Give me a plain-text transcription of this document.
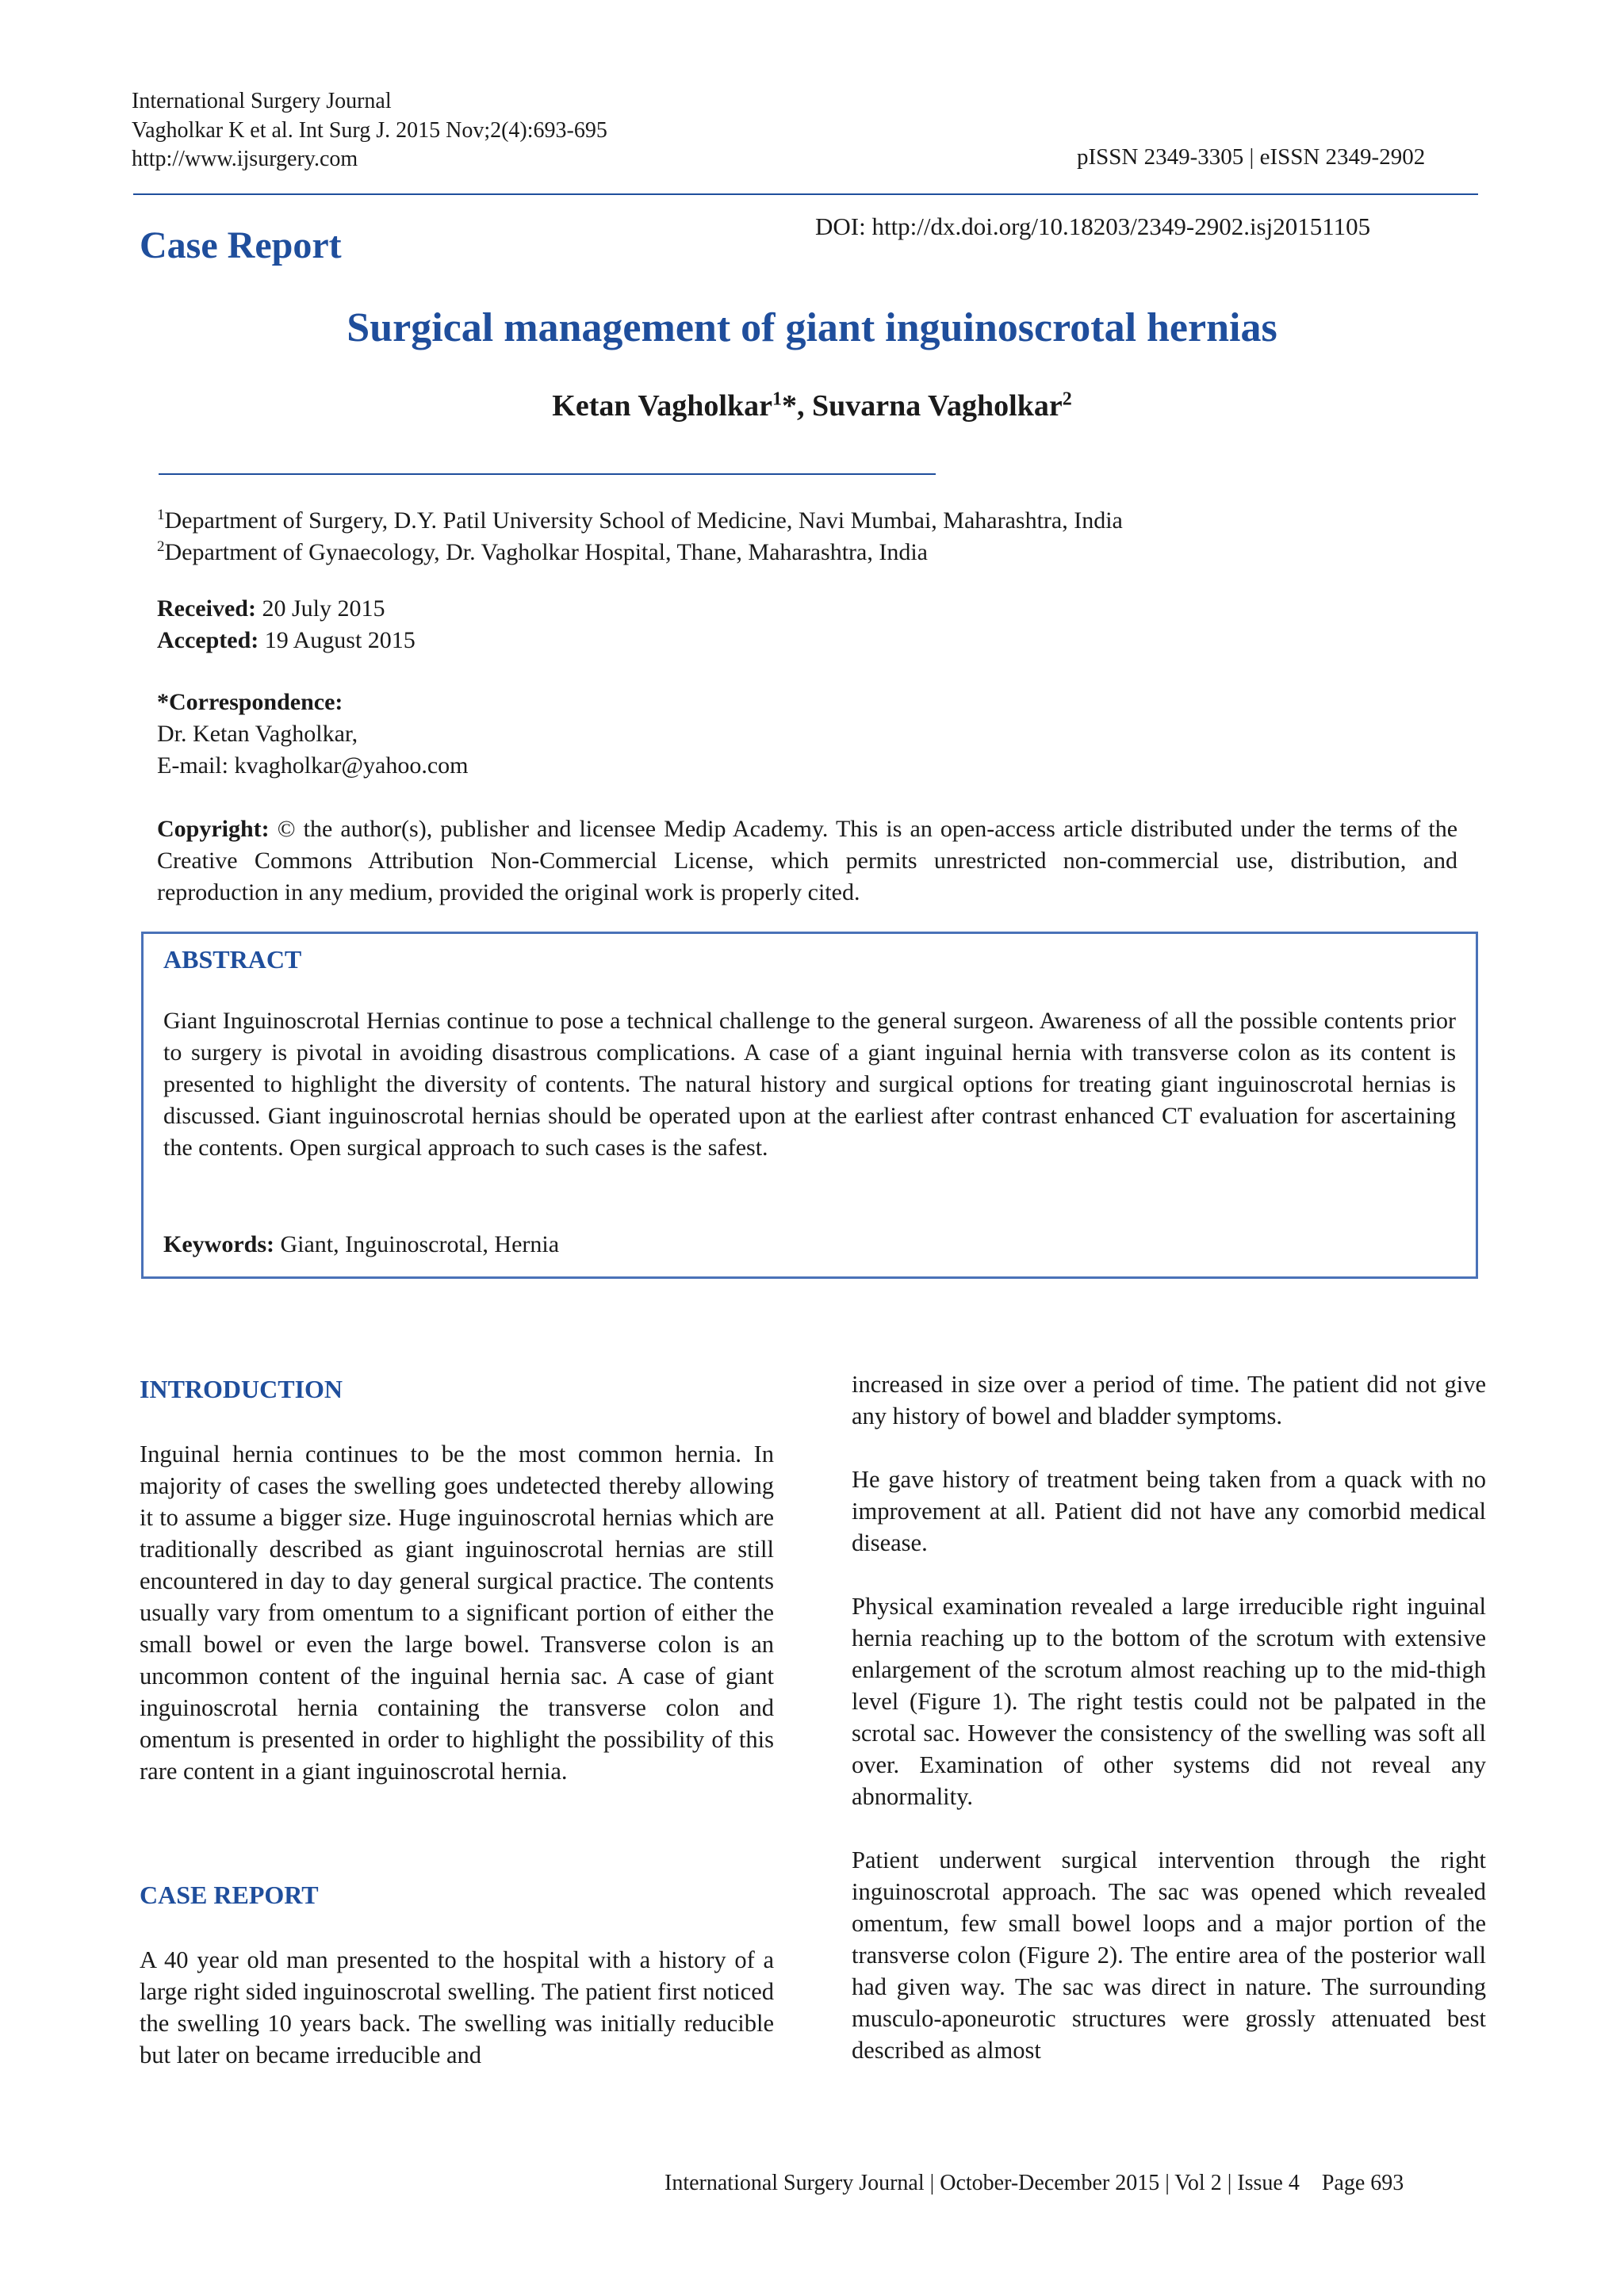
International Surgery Journal
Vagholkar K et al. Int Surg J. 2015 Nov;2(4):693-695
http://www.ijsurgery.com	pISSN 2349-3305 | eISSN 2349-2902
Case Report	DOI: http://dx.doi.org/10.18203/2349-2902.isj20151105
Surgical management of giant inguinoscrotal hernias
Ketan Vagholkar$^1$*, Suvarna Vagholkar$^2$
$^1$Department of Surgery, D.Y. Patil University School of Medicine, Navi Mumbai, Maharashtra, India
$^2$Department of Gynaecology, Dr. Vagholkar Hospital, Thane, Maharashtra, India
Received: 20 July 2015
Accepted: 19 August 2015
*Correspondence:
Dr. Ketan Vagholkar,
E-mail: kvagholkar@yahoo.com
Copyright: © the author(s), publisher and licensee Medip Academy. This is an open-access article distributed under the terms of the Creative Commons Attribution Non-Commercial License, which permits unrestricted non-commercial use, distribution, and reproduction in any medium, provided the original work is properly cited.
ABSTRACT
Giant Inguinoscrotal Hernias continue to pose a technical challenge to the general surgeon. Awareness of all the possible contents prior to surgery is pivotal in avoiding disastrous complications. A case of a giant inguinal hernia with transverse colon as its content is presented to highlight the diversity of contents. The natural history and surgical options for treating giant inguinoscrotal hernias is discussed. Giant inguinoscrotal hernias should be operated upon at the earliest after contrast enhanced CT evaluation for ascertaining the contents. Open surgical approach to such cases is the safest.
Keywords: Giant, Inguinoscrotal, Hernia
INTRODUCTION
Inguinal hernia continues to be the most common hernia. In majority of cases the swelling goes undetected thereby allowing it to assume a bigger size. Huge inguinoscrotal hernias which are traditionally described as giant inguinoscrotal hernias are still encountered in day to day general surgical practice. The contents usually vary from omentum to a significant portion of either the small bowel or even the large bowel. Transverse colon is an uncommon content of the inguinal hernia sac. A case of giant inguinoscrotal hernia containing the transverse colon and omentum is presented in order to highlight the possibility of this rare content in a giant inguinoscrotal hernia.
CASE REPORT
A 40 year old man presented to the hospital with a history of a large right sided inguinoscrotal swelling. The patient first noticed the swelling 10 years back. The swelling was initially reducible but later on became irreducible and

increased in size over a period of time. The patient did not give any history of bowel and bladder symptoms.

He gave history of treatment being taken from a quack with no improvement at all. Patient did not have any comorbid medical disease.

Physical examination revealed a large irreducible right inguinal hernia reaching up to the bottom of the scrotum with extensive enlargement of the scrotum almost reaching up to the mid-thigh level (Figure 1). The right testis could not be palpated in the scrotal sac. However the consistency of the swelling was soft all over. Examination of other systems did not reveal any abnormality.

Patient underwent surgical intervention through the right inguinoscrotal approach. The sac was opened which revealed omentum, few small bowel loops and a major portion of the transverse colon (Figure 2). The entire area of the posterior wall had given way. The sac was direct in nature. The surrounding musculo-aponeurotic structures were grossly attenuated best described as almost

International Surgery Journal | October-December 2015 | Vol 2 | Issue 4    Page 693
